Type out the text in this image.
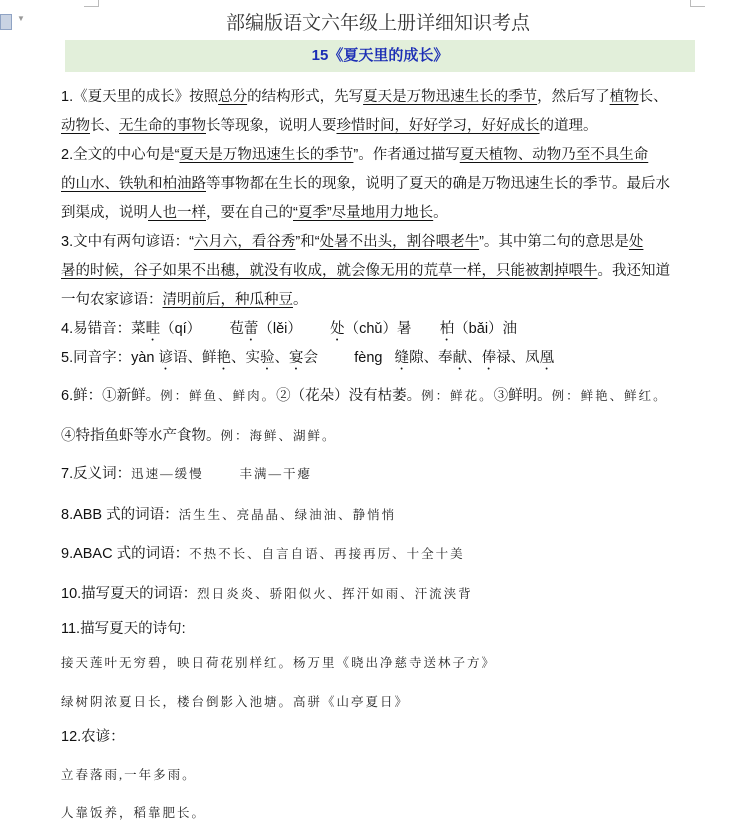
▼	部编版语文六年级上册详细知识考点
15《夏天里的成长》
1.《夏天里的成长》按照总分的结构形式，先写夏天是万物迅速生长的季节，然后写了植物长、
动物长、无生命的事物长等现象，说明人要珍惜时间，好好学习，好好成长的道理。
2.全文的中心句是“夏天是万物迅速生长的季节”。作者通过描写夏天植物、动物乃至不具生命
的山水、铁轨和柏油路等事物都在生长的现象，说明了夏天的确是万物迅速生长的季节。最后水
到渠成，说明人也一样，要在自己的“夏季”尽量地用力地长。
3.文中有两句谚语：“六月六，看谷秀”和“处暑不出头，割谷喂老牛”。其中第二句的意思是处
暑的时候，谷子如果不出穗，就没有收成，就会像无用的荒草一样，只能被割掉喂牛。我还知道
一句农家谚语：清明前后，种瓜种豆。
4.易错音：菜畦（qí）       苞蕾（lěi）       处（chǔ）暑       柏（bǎi）油
5.同音字：yàn 谚语、鲜艳、实验、宴会         fèng   缝隙、奉献、俸禄、凤凰
6.鲜：①新鲜。例：鲜鱼、鲜肉。②（花朵）没有枯萎。例：鲜花。③鲜明。例：鲜艳、鲜红。
④特指鱼虾等水产食物。例：海鲜、湖鲜。
7.反义词：迅速—缓慢       丰满—干瘪
8.ABB 式的词语：活生生、亮晶晶、绿油油、静悄悄
9.ABAC 式的词语：不热不长、自言自语、再接再厉、十全十美
10.描写夏天的词语：烈日炎炎、骄阳似火、挥汗如雨、汗流浃背
11.描写夏天的诗句:
接天莲叶无穷碧，映日荷花别样红。杨万里《晓出净慈寺送林子方》
绿树阴浓夏日长，楼台倒影入池塘。高骈《山亭夏日》
12.农谚：
立春落雨,一年多雨。
人靠饭养，稻靠肥长。
